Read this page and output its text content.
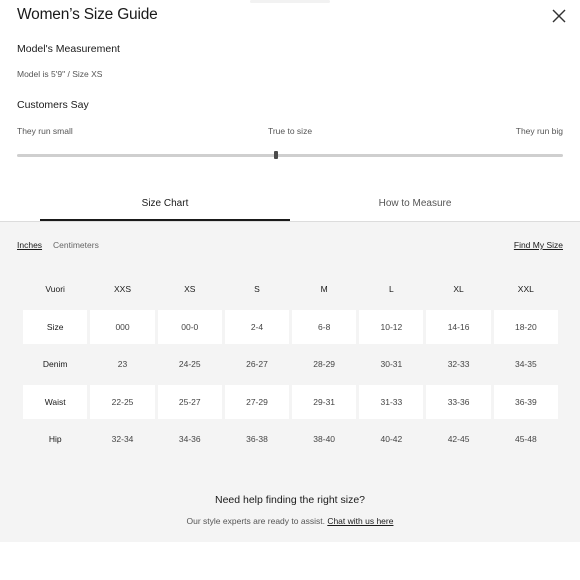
Women’s Size Guide
Model's Measurement
Model is 5'9" / Size XS
Customers Say
They run small	True to size	They run big
Size Chart	How to Measure
Inches Centimeters	Find My Size
Vuori	XXS	XS	S	M	L	XL	XXL
Size	000	00-0	2-4	6-8	10-12	14-16	18-20
Denim	23	24-25	26-27	28-29	30-31	32-33	34-35
Waist	22-25	25-27	27-29	29-31	31-33	33-36	36-39
Hip	32-34	34-36	36-38	38-40	40-42	42-45	45-48
Need help finding the right size?
Our style experts are ready to assist. Chat with us here
